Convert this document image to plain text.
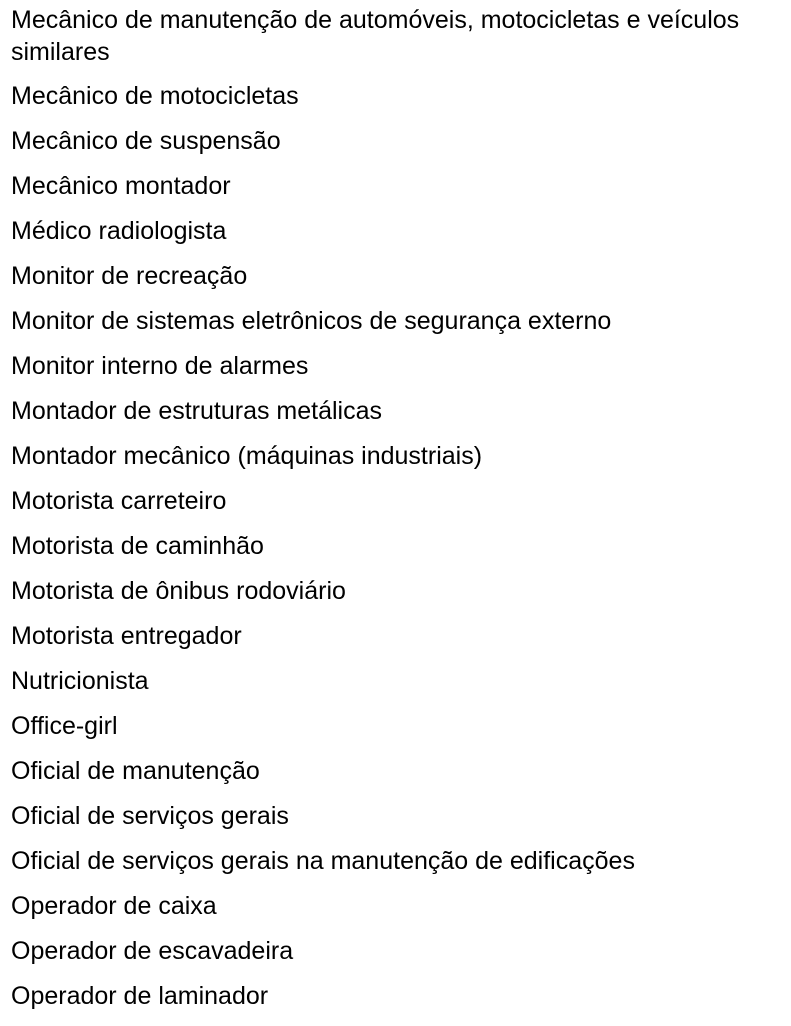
Mecânico de manutenção de automóveis, motocicletas e veículos similares
Mecânico de motocicletas
Mecânico de suspensão
Mecânico montador
Médico radiologista
Monitor de recreação
Monitor de sistemas eletrônicos de segurança externo
Monitor interno de alarmes
Montador de estruturas metálicas
Montador mecânico (máquinas industriais)
Motorista carreteiro
Motorista de caminhão
Motorista de ônibus rodoviário
Motorista entregador
Nutricionista
Office-girl
Oficial de manutenção
Oficial de serviços gerais
Oficial de serviços gerais na manutenção de edificações
Operador de caixa
Operador de escavadeira
Operador de laminador
